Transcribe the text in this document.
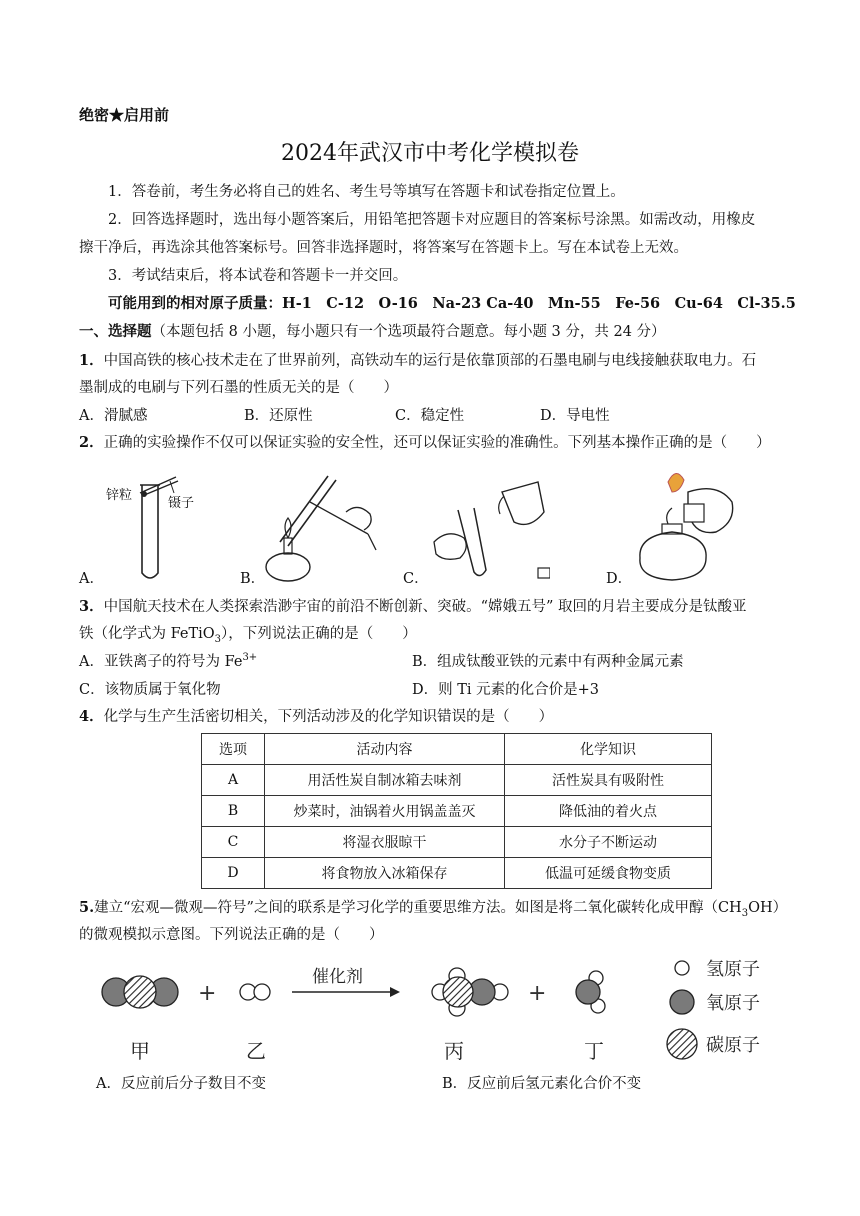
绝密★启用前
2024年武汉市中考化学模拟卷
1．答卷前，考生务必将自己的姓名、考生号等填写在答题卡和试卷指定位置上。
2．回答选择题时，选出每小题答案后，用铅笔把答题卡对应题目的答案标号涂黑。如需改动，用橡皮
擦干净后，再选涂其他答案标号。回答非选择题时，将答案写在答题卡上。写在本试卷上无效。
3．考试结束后，将本试卷和答题卡一并交回。
可能用到的相对原子质量：H-1　C-12　O-16　Na-23 Ca-40　Mn-55　Fe-56　Cu-64　Cl-35.5
一、选择题（本题包括 8 小题，每小题只有一个选项最符合题意。每小题 3 分，共 24 分）
1．中国高铁的核心技术走在了世界前列，高铁动车的运行是依靠顶部的石墨电刷与电线接触获取电力。石
墨制成的电刷与下列石墨的性质无关的是（　　）
A．滑腻感	B．还原性	C．稳定性	D．导电性
2．正确的实验操作不仅可以保证实验的安全性，还可以保证实验的准确性。下列基本操作正确的是（　　）
锌粒
镊子
A．	B．	C．	D．
3．中国航天技术在人类探索浩渺宇宙的前沿不断创新、突破。“嫦娥五号” 取回的月岩主要成分是钛酸亚
铁（化学式为 FeTiO$_3$），下列说法正确的是（　　）
A．亚铁离子的符号为 $Fe^{3+}$	B．组成钛酸亚铁的元素中有两种金属元素
C．该物质属于氧化物	D．则 Ti 元素的化合价是+3
4．化学与生产生活密切相关，下列活动涉及的化学知识错误的是（　　）
选项	活动内容	化学知识
A	用活性炭自制冰箱去味剂	活性炭具有吸附性
B	炒菜时，油锅着火用锅盖盖灭	降低油的着火点
C	将湿衣服晾干	水分子不断运动
D	将食物放入冰箱保存	低温可延缓食物变质
5.建立“宏观—微观—符号”之间的联系是学习化学的重要思维方法。如图是将二氧化碳转化成甲醇$(CH_3OH)$
的微观模拟示意图。下列说法正确的是（　　）
+
催化剂
+
氢原子
氧原子
碳原子
甲	乙	丙	丁
A．反应前后分子数目不变	B．反应前后氢元素化合价不变
